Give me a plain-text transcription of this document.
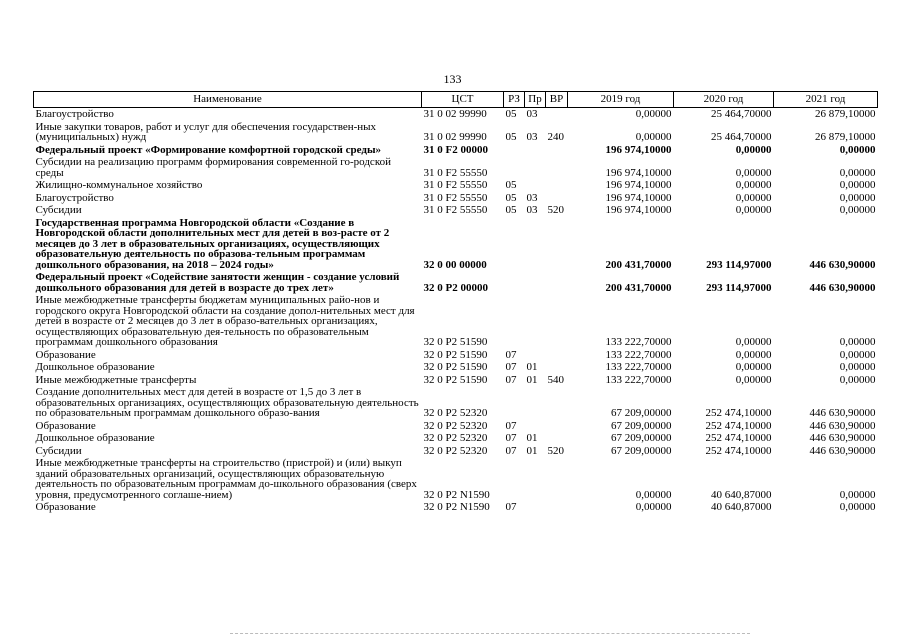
133
Наименование	ЦСТ	РЗ	Пр	ВР	2019 год	2020 год	2021 год
Благоустройство	31 0 02 99990	05	03		0,00000	25 464,70000	26 879,10000
Иные закупки товаров, работ и услуг для обеспечения государствен-ных (муниципальных) нужд	31 0 02 99990	05	03	240	0,00000	25 464,70000	26 879,10000
Федеральный проект «Формирование комфортной городской среды»	31 0 F2 00000				196 974,10000	0,00000	0,00000
Субсидии на реализацию программ формирования современной го-родской среды	31 0 F2 55550				196 974,10000	0,00000	0,00000
Жилищно-коммунальное хозяйство	31 0 F2 55550	05			196 974,10000	0,00000	0,00000
Благоустройство	31 0 F2 55550	05	03		196 974,10000	0,00000	0,00000
Субсидии	31 0 F2 55550	05	03	520	196 974,10000	0,00000	0,00000
Государственная программа Новгородской области «Создание в Новгородской области дополнительных мест для детей в воз-расте от 2 месяцев до 3 лет в образовательных организациях, осуществляющих образовательную деятельность по образова-тельным программам дошкольного образования, на 2018 – 2024 годы»	32 0 00 00000				200 431,70000	293 114,97000	446 630,90000
Федеральный проект «Содействие занятости женщин - создание условий дошкольного образования для детей в возрасте до трех лет»	32 0 P2 00000				200 431,70000	293 114,97000	446 630,90000
Иные межбюджетные трансферты бюджетам муниципальных райо-нов и городского округа Новгородской области на создание допол-нительных мест для детей в возрасте от 2 месяцев до 3 лет в образо-вательных организациях, осуществляющих образовательную дея-тельность по образовательным программам дошкольного образования	32 0 P2 51590				133 222,70000	0,00000	0,00000
Образование	32 0 P2 51590	07			133 222,70000	0,00000	0,00000
Дошкольное образование	32 0 P2 51590	07	01		133 222,70000	0,00000	0,00000
Иные межбюджетные трансферты	32 0 P2 51590	07	01	540	133 222,70000	0,00000	0,00000
Создание дополнительных мест для детей в возрасте от 1,5 до 3 лет в образовательных организациях, осуществляющих образовательную деятельность по образовательным программам дошкольного образо-вания	32 0 P2 52320				67 209,00000	252 474,10000	446 630,90000
Образование	32 0 P2 52320	07			67 209,00000	252 474,10000	446 630,90000
Дошкольное образование	32 0 P2 52320	07	01		67 209,00000	252 474,10000	446 630,90000
Субсидии	32 0 P2 52320	07	01	520	67 209,00000	252 474,10000	446 630,90000
Иные межбюджетные трансферты на строительство (пристрой) и (или) выкуп зданий образовательных организаций, осуществляющих образовательную деятельность по образовательным программам до-школьного образования (сверх уровня, предусмотренного соглаше-нием)	32 0 P2 N1590				0,00000	40 640,87000	0,00000
Образование	32 0 P2 N1590	07			0,00000	40 640,87000	0,00000
